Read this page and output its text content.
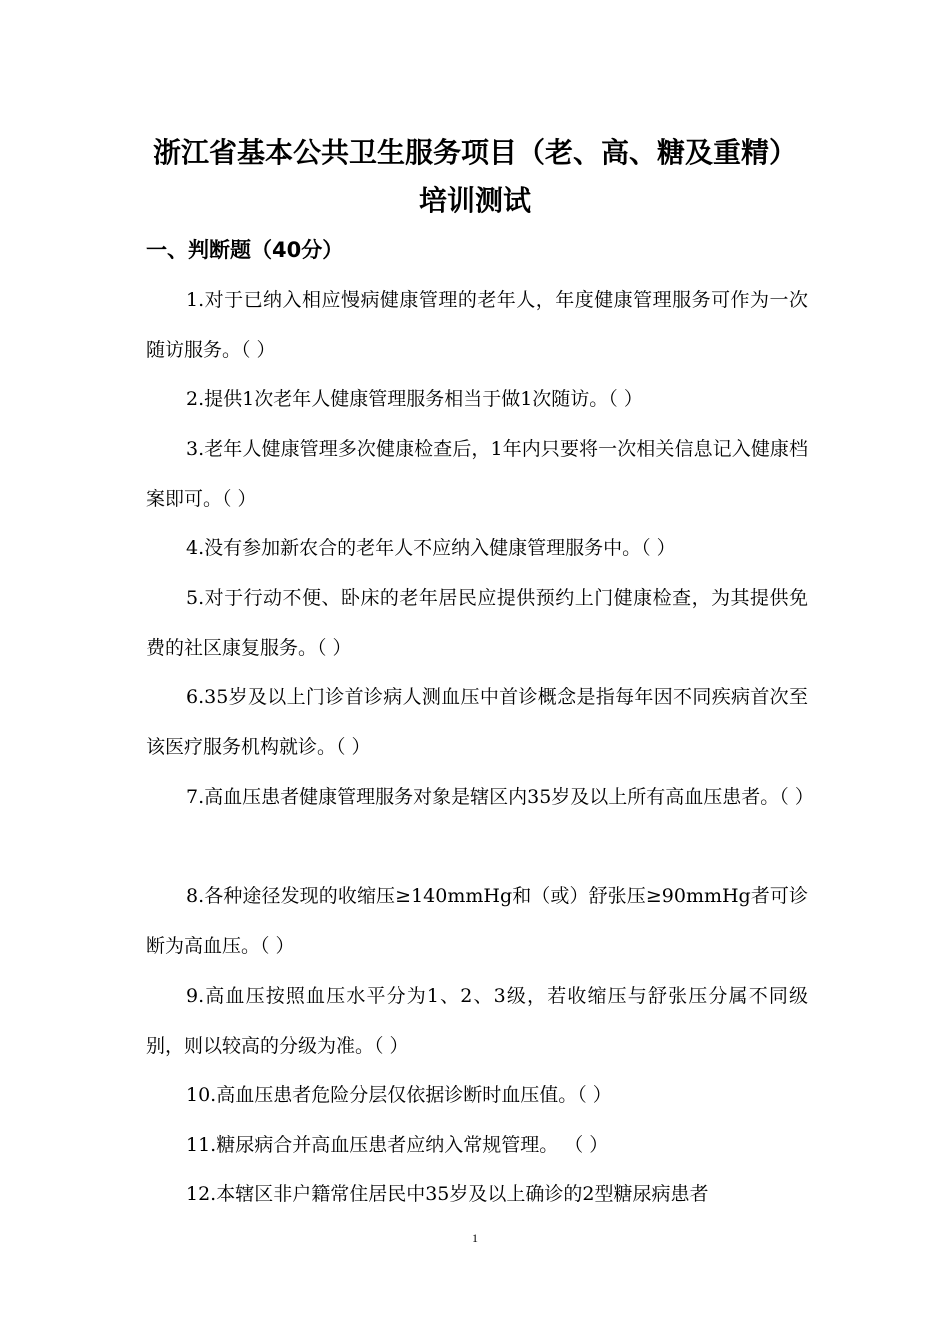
浙江省基本公共卫生服务项目（老、高、糖及重精）
培训测试
一、判断题（40分）

1.对于已纳入相应慢病健康管理的老年人，年度健康管理服务可作为一次随访服务。（ ）

2.提供1次老年人健康管理服务相当于做1次随访。（ ）

3.老年人健康管理多次健康检查后，1年内只要将一次相关信息记入健康档案即可。（ ）

4.没有参加新农合的老年人不应纳入健康管理服务中。（ ）

5.对于行动不便、卧床的老年居民应提供预约上门健康检查，为其提供免费的社区康复服务。（ ）

6.35岁及以上门诊首诊病人测血压中首诊概念是指每年因不同疾病首次至该医疗服务机构就诊。（ ）

7.高血压患者健康管理服务对象是辖区内35岁及以上所有高血压患者。（ ）

8.各种途径发现的收缩压≥140mmHg和（或）舒张压≥90mmHg者可诊断为高血压。（ ）

9.高血压按照血压水平分为1、2、3级，若收缩压与舒张压分属不同级别，则以较高的分级为准。（ ）

10.高血压患者危险分层仅依据诊断时血压值。（ ）

11.糖尿病合并高血压患者应纳入常规管理。 （ ）

12.本辖区非户籍常住居民中35岁及以上确诊的2型糖尿病患者

1
